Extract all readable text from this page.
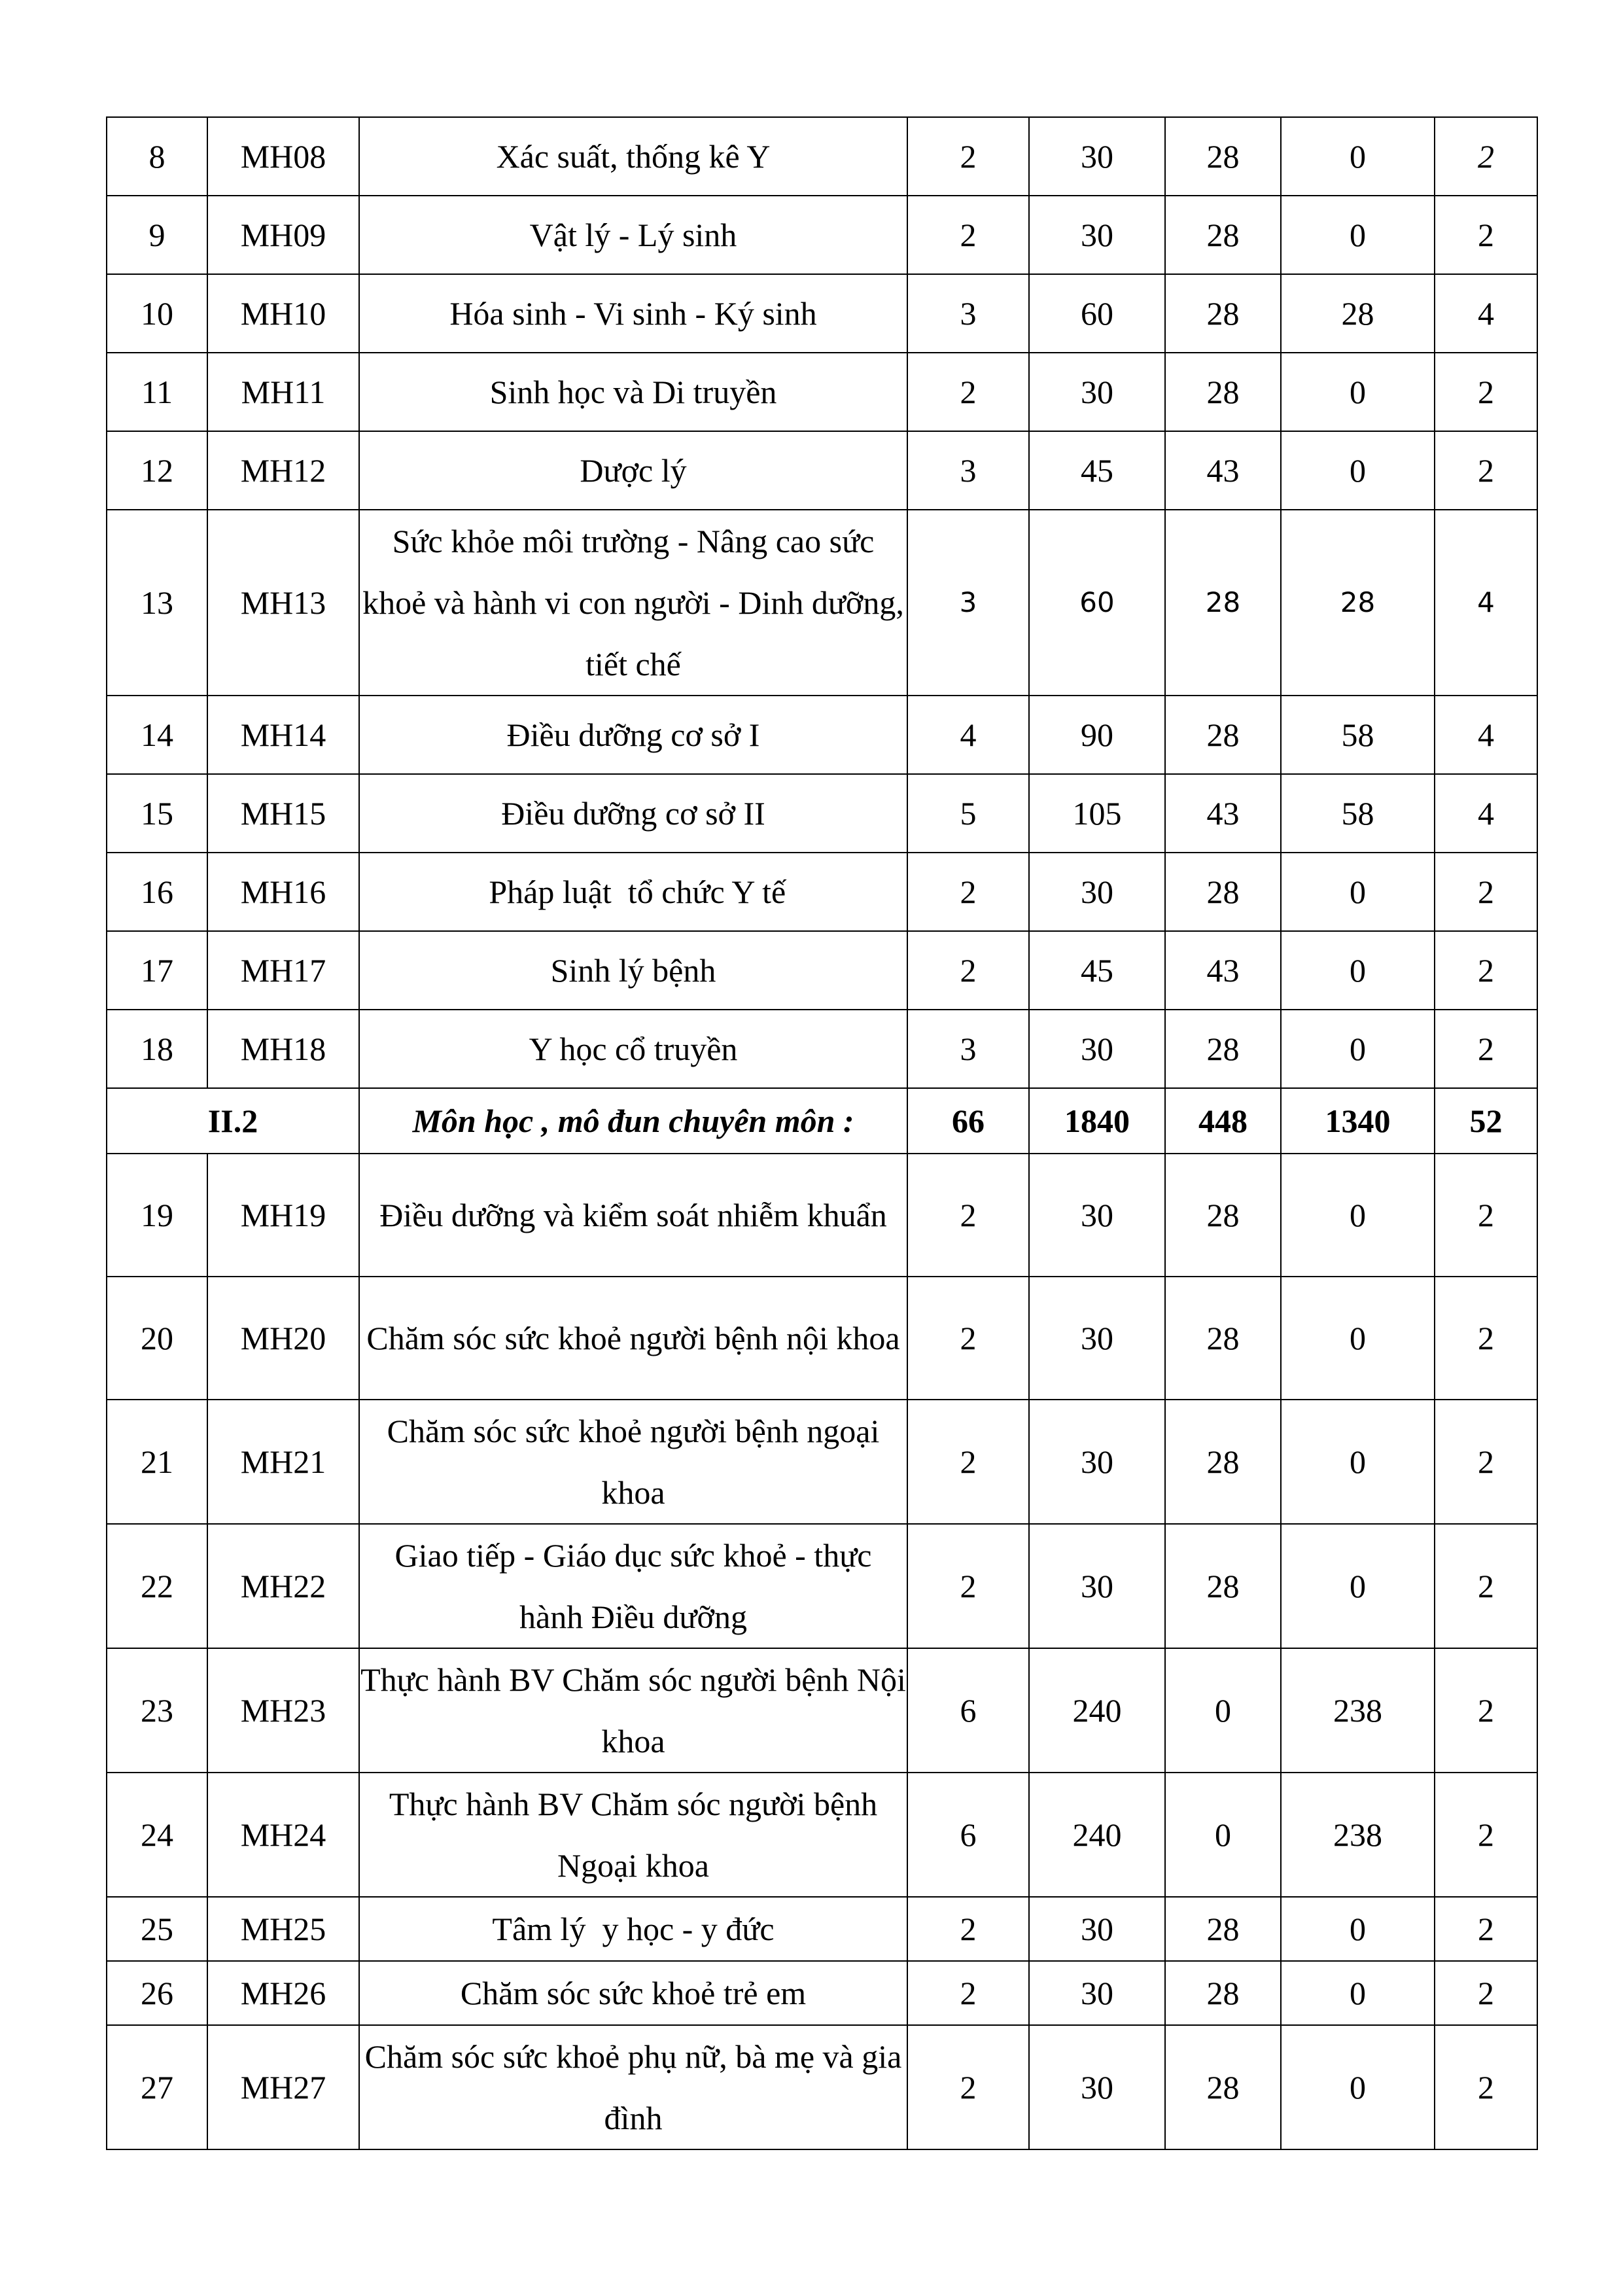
8	MH08	Xác suất, thống kê Y	2	30	28	0	2
9	MH09	Vật lý - Lý sinh	2	30	28	0	2
10	MH10	Hóa sinh - Vi sinh - Ký sinh	3	60	28	28	4
11	MH11	Sinh học và Di truyền	2	30	28	0	2
12	MH12	Dược lý	3	45	43	0	2
13	MH13	Sức khỏe môi trường - Nâng cao sức khoẻ và hành vi con người - Dinh dưỡng, tiết chế	3	60	28	28	4
14	MH14	Điều dưỡng cơ sở I	4	90	28	58	4
15	MH15	Điều dưỡng cơ sở II	5	105	43	58	4
16	MH16	Pháp luật  tổ chức Y tế	2	30	28	0	2
17	MH17	Sinh lý bệnh	2	45	43	0	2
18	MH18	Y học cổ truyền	3	30	28	0	2
II.2		Môn học , mô đun chuyên môn :	66	1840	448	1340	52
19	MH19	Điều dưỡng và kiểm soát nhiễm khuẩn	2	30	28	0	2
20	MH20	Chăm sóc sức khoẻ người bệnh nội khoa	2	30	28	0	2
21	MH21	Chăm sóc sức khoẻ người bệnh ngoại khoa	2	30	28	0	2
22	MH22	Giao tiếp - Giáo dục sức khoẻ - thực hành Điều dưỡng	2	30	28	0	2
23	MH23	Thực hành BV Chăm sóc người bệnh Nội khoa	6	240	0	238	2
24	MH24	Thực hành BV Chăm sóc người bệnh Ngoại khoa	6	240	0	238	2
25	MH25	Tâm lý  y học - y đức	2	30	28	0	2
26	MH26	Chăm sóc sức khoẻ trẻ em	2	30	28	0	2
27	MH27	Chăm sóc sức khoẻ phụ nữ, bà mẹ và gia đình	2	30	28	0	2
